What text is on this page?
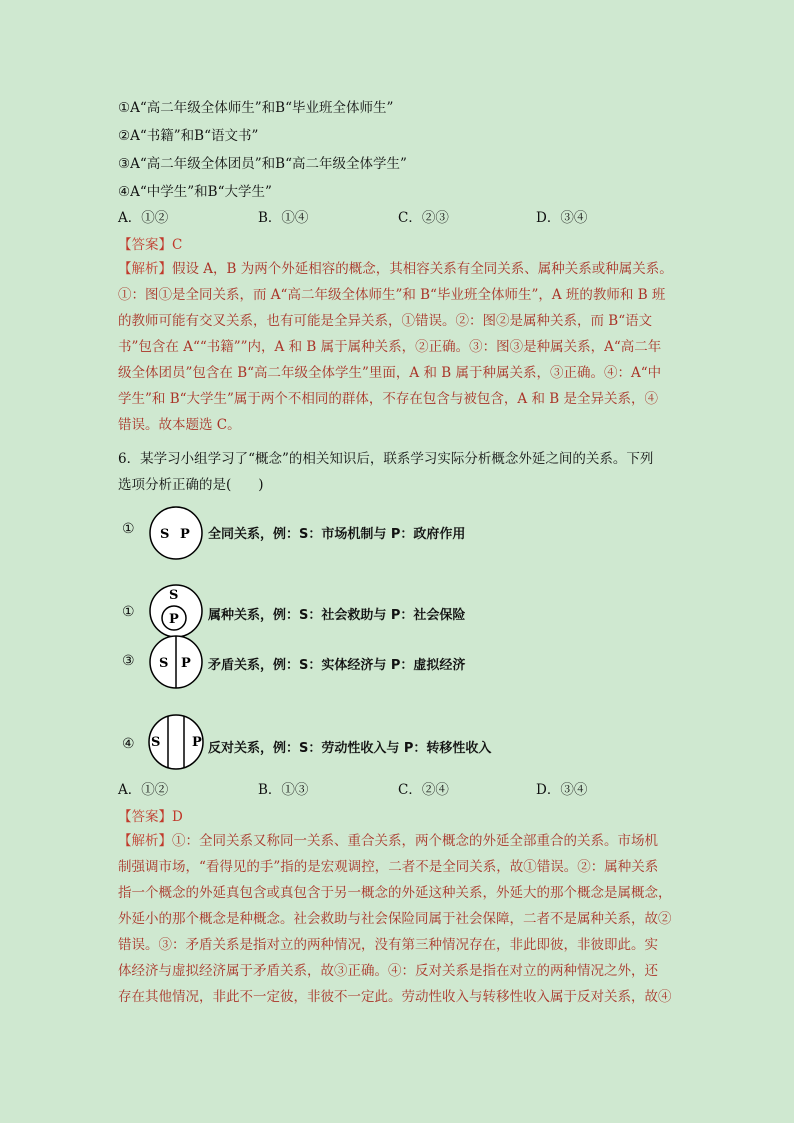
①A“高二年级全体师生”和B“毕业班全体师生”
②A“书籍”和B“语文书”
③A“高二年级全体团员”和B“高二年级全体学生”
④A“中学生”和B“大学生”
A．①②	B．①④	C．②③	D．③④
【答案】C
【解析】假设 A，B 为两个外延相容的概念，其相容关系有全同关系、属种关系或种属关系。
①：图①是全同关系，而 A“高二年级全体师生”和 B“毕业班全体师生”，A 班的教师和 B 班
的教师可能有交叉关系，也有可能是全异关系，①错误。②：图②是属种关系，而 B“语文
书”包含在 A““书籍””内，A 和 B 属于属种关系，②正确。③：图③是种属关系，A“高二年
级全体团员”包含在 B“高二年级全体学生”里面，A 和 B 属于种属关系，③正确。④：A“中
学生”和 B“大学生”属于两个不相同的群体，不存在包含与被包含，A 和 B 是全异关系，④
错误。故本题选 C。
6．某学习小组学习了“概念”的相关知识后，联系学习实际分析概念外延之间的关系。下列
选项分析正确的是(　　)
① S P 全同关系，例：S：市场机制与 P：政府作用
①
S
P 属种关系，例：S：社会救助与 P：社会保险
③ S P 矛盾关系，例：S：实体经济与 P：虚拟经济
④ S P 反对关系，例：S：劳动性收入与 P：转移性收入
A．①②	B．①③	C．②④	D．③④
【答案】D
【解析】①：全同关系又称同一关系、重合关系，两个概念的外延全部重合的关系。市场机
制强调市场，“看得见的手”指的是宏观调控，二者不是全同关系，故①错误。②：属种关系
指一个概念的外延真包含或真包含于另一概念的外延这种关系，外延大的那个概念是属概念，
外延小的那个概念是种概念。社会救助与社会保险同属于社会保障，二者不是属种关系，故②
错误。③：矛盾关系是指对立的两种情况，没有第三种情况存在，非此即彼，非彼即此。实
体经济与虚拟经济属于矛盾关系，故③正确。④：反对关系是指在对立的两种情况之外，还
存在其他情况，非此不一定彼，非彼不一定此。劳动性收入与转移性收入属于反对关系，故④
